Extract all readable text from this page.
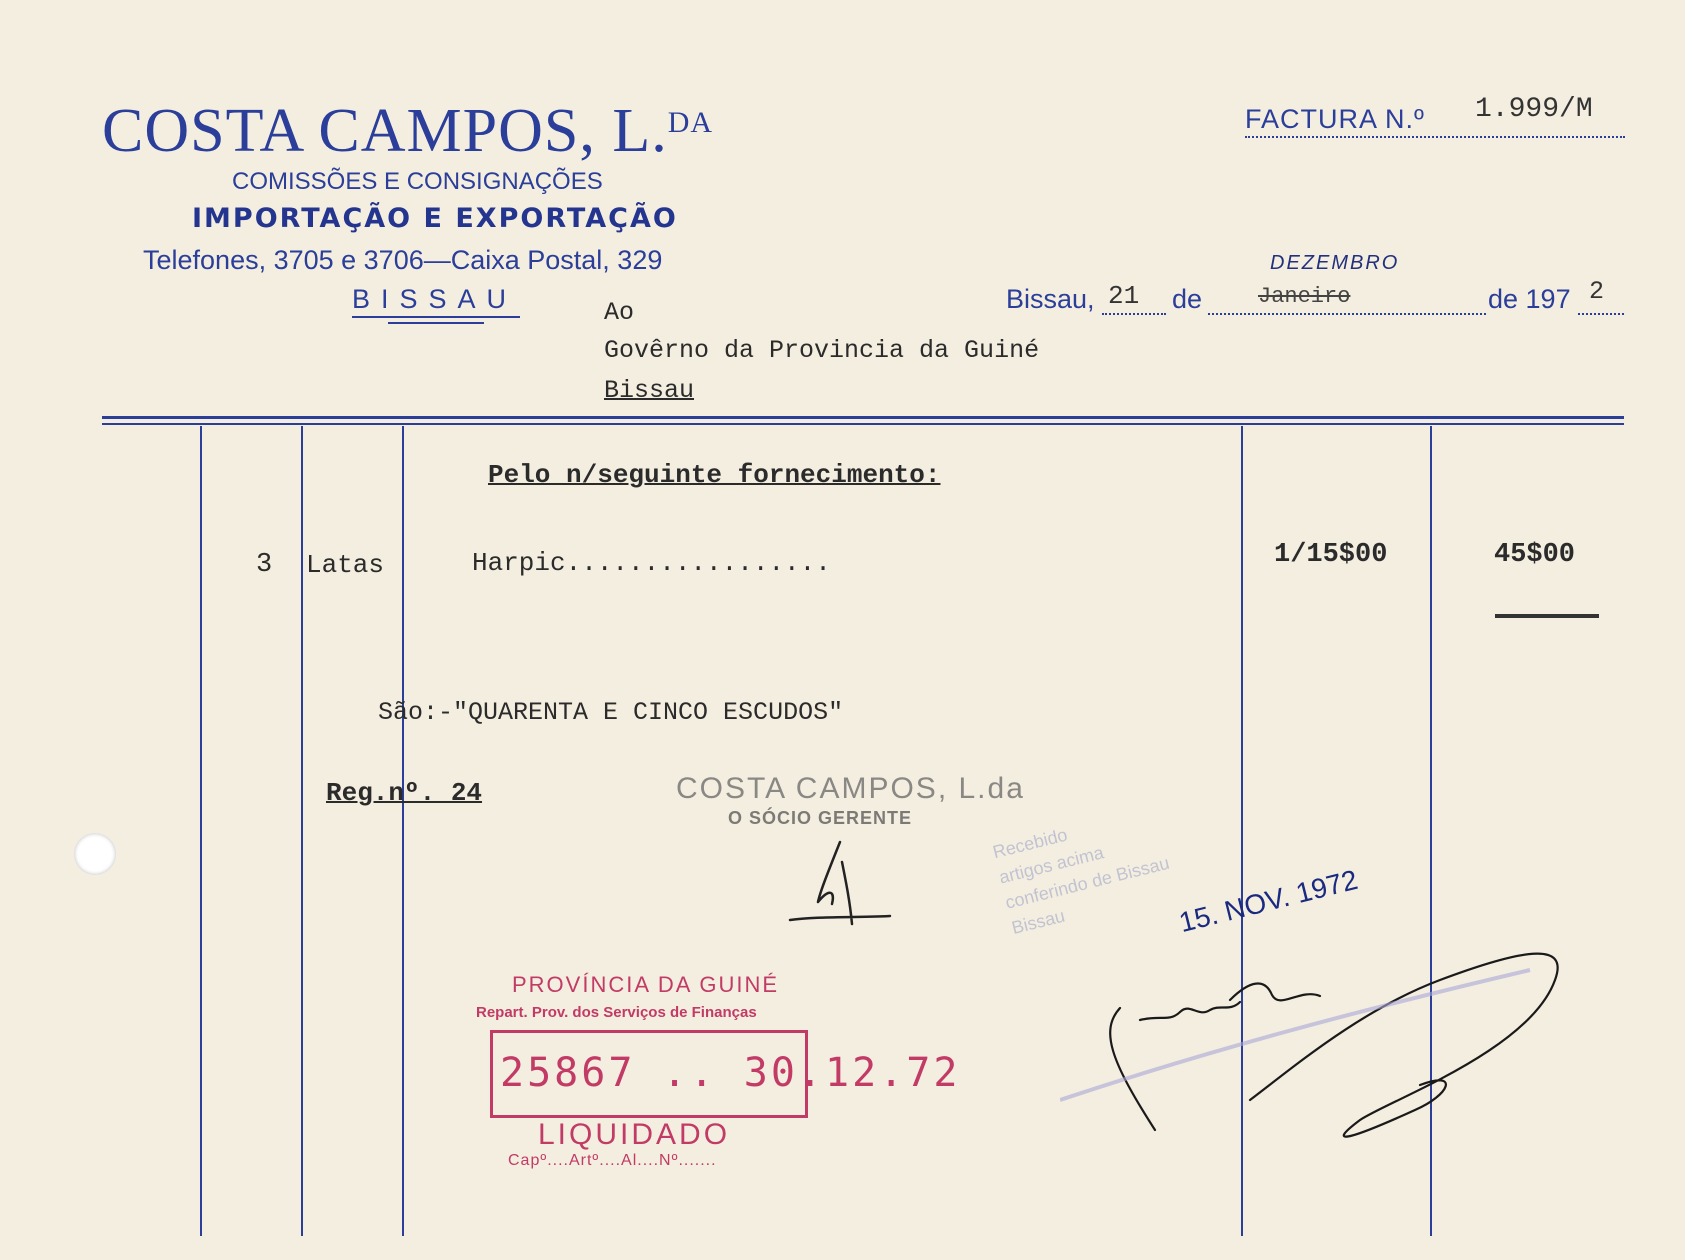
COSTA CAMPOS, L.$^{DA}$
COMISSÕES E CONSIGNAÇÕES
IMPORTAÇÃO E EXPORTAÇÃO
Telefones, 3705 e 3706—Caixa Postal, 329
BISSAU
FACTURA N.º 1.999/M
Bissau, 21 de	Janeiro
DEZEMBRO
de 197 2
Ao
Govêrno da Provincia da Guiné
Bissau
Pelo n/seguinte fornecimento:
3 Latas	Harpic.................	1/15$00	45$00
São:-"QUARENTA E CINCO ESCUDOS"
Reg.nº. 24	COSTA CAMPOS, L.da
O SÓCIO GERENTE
Recebido
artigos acima
conferindo de Bissau
Bissau	15. NOV. 1972
PROVÍNCIA DA GUINÉ
Repart. Prov. dos Serviços de Finanças
25867 .. 30.12.72
LIQUIDADO
Capº....Artº....Al....Nº.......
